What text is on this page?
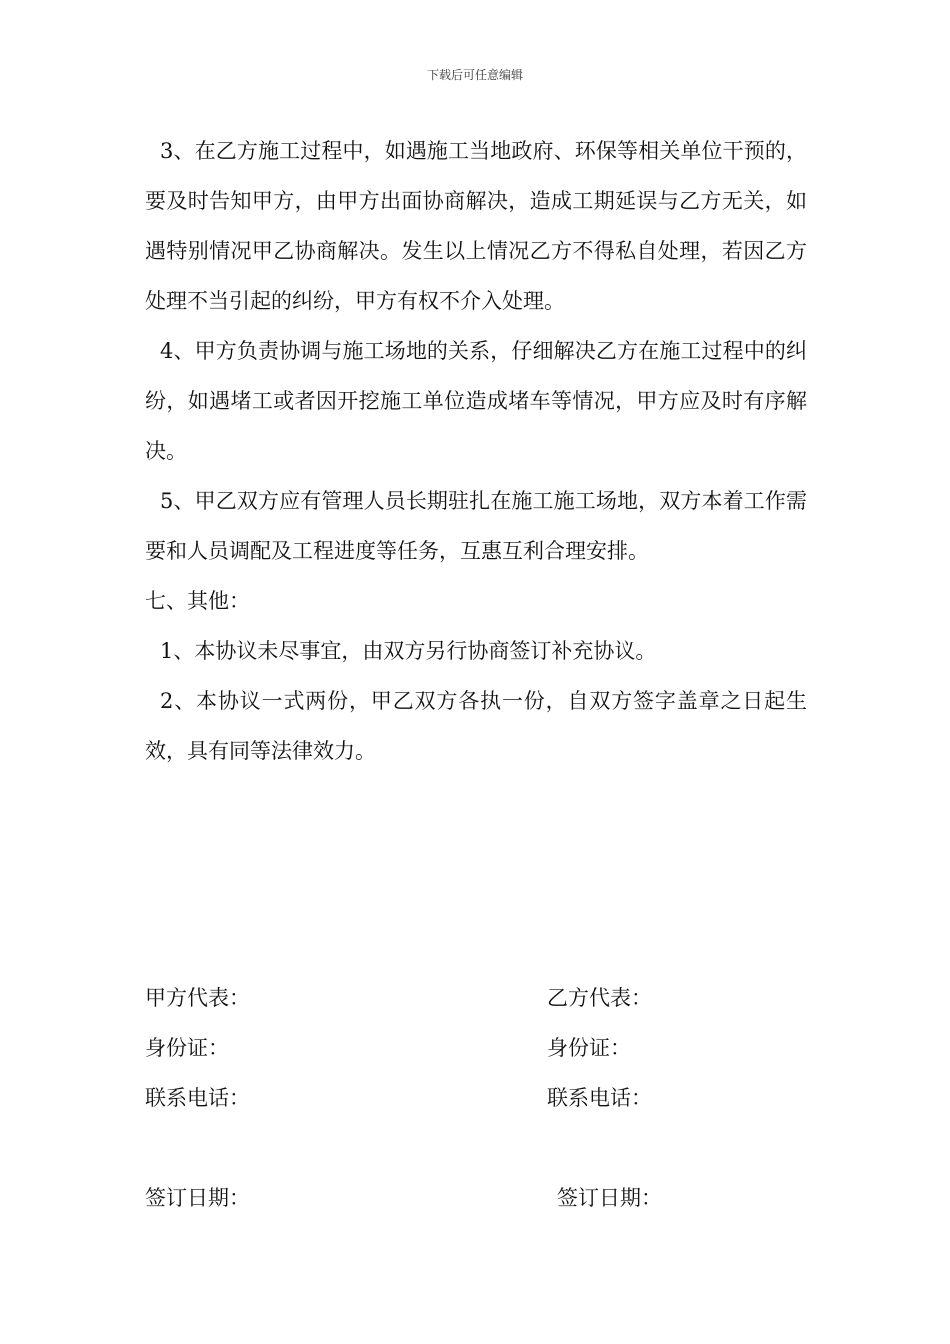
下载后可任意编辑

3、在乙方施工过程中，如遇施工当地政府、环保等相关单位干预的，要及时告知甲方，由甲方出面协商解决，造成工期延误与乙方无关，如遇特别情况甲乙协商解决。发生以上情况乙方不得私自处理，若因乙方处理不当引起的纠纷，甲方有权不介入处理。

4、甲方负责协调与施工场地的关系，仔细解决乙方在施工过程中的纠纷，如遇堵工或者因开挖施工单位造成堵车等情况，甲方应及时有序解决。

5、甲乙双方应有管理人员长期驻扎在施工施工场地，双方本着工作需要和人员调配及工程进度等任务，互惠互利合理安排。

七、其他：

1、本协议未尽事宜，由双方另行协商签订补充协议。

2、本协议一式两份，甲乙双方各执一份，自双方签字盖章之日起生效，具有同等法律效力。

甲方代表：	乙方代表：
身份证：	身份证：
联系电话：	联系电话：
签订日期：	签订日期：
